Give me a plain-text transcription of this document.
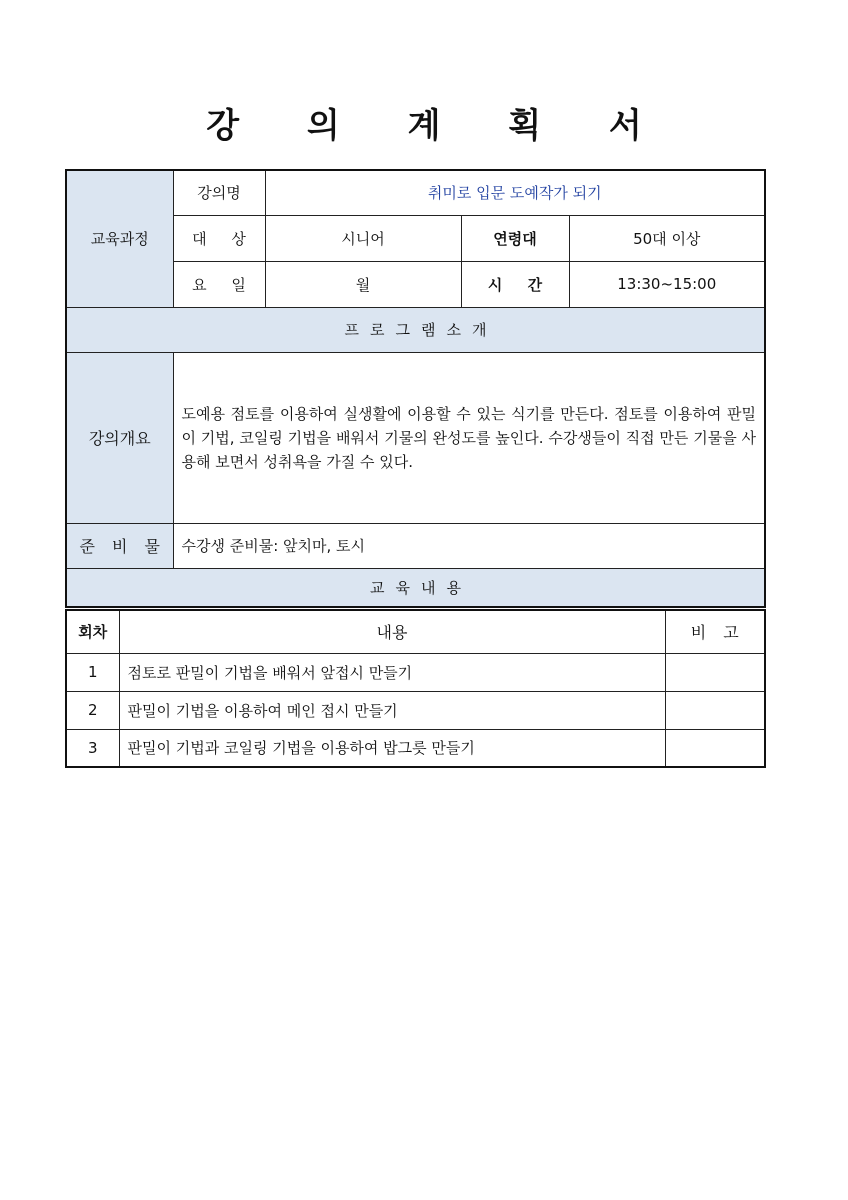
강 의 계 획 서
교육과정	강의명	취미로 입문 도예작가 되기		
	대 상	시니어	연령대	50대 이상
	요 일	월	시 간	13:30~15:00
프로그램소개				
강의개요	도예용 점토를 이용하여 실생활에 이용할 수 있는 식기를 만든다. 점토를 이용하여 판밀이 기법, 코일링 기법을 배워서 기물의 완성도를 높인다. 수강생들이 직접 만든 기물을 사용해 보면서 성취욕을 가질 수 있다.			
준 비 물	수강생 준비물: 앞치마, 토시			
교육내용				
회차	내용	비 고
1	점토로 판밀이 기법을 배워서 앞접시 만들기	
2	판밀이 기법을 이용하여 메인 접시 만들기	
3	판밀이 기법과 코일링 기법을 이용하여 밥그릇 만들기	
